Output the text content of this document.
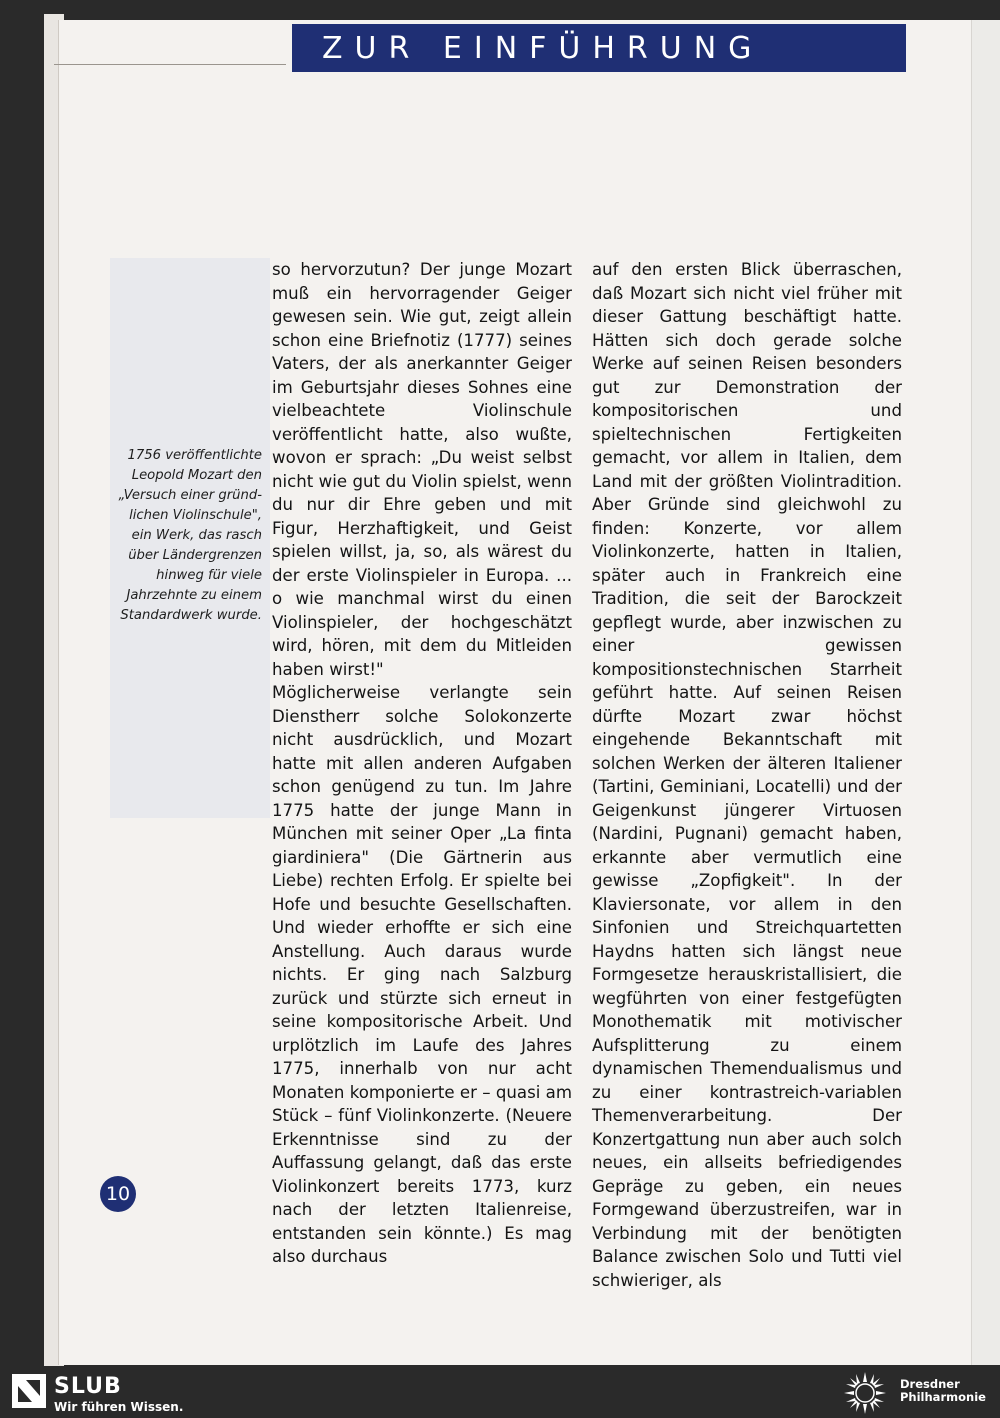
ZUR EINFÜHRUNG
1756 veröffentlichte
Leopold Mozart den
„Versuch einer gründ-
lichen Violinschule",
ein Werk, das rasch
über Ländergrenzen
hinweg für viele
Jahrzehnte zu einem
Standardwerk wurde.

so hervorzutun? Der junge Mozart muß ein hervorragender Geiger gewesen sein. Wie gut, zeigt allein schon eine Briefnotiz (1777) seines Vaters, der als anerkannter Geiger im Geburtsjahr dieses Sohnes eine vielbeachtete Violinschule veröffentlicht hatte, also wußte, wovon er sprach: „Du weist selbst nicht wie gut du Violin spielst, wenn du nur dir Ehre geben und mit Figur, Herzhaftigkeit, und Geist spielen willst, ja, so, als wärest du der erste Violinspieler in Europa. ... o wie manchmal wirst du einen Violinspieler, der hochgeschätzt wird, hören, mit dem du Mitleiden haben wirst!"

Möglicherweise verlangte sein Dienstherr solche Solokonzerte nicht ausdrücklich, und Mozart hatte mit allen anderen Aufgaben schon genügend zu tun. Im Jahre 1775 hatte der junge Mann in München mit seiner Oper „La finta giardiniera" (Die Gärtnerin aus Liebe) rechten Erfolg. Er spielte bei Hofe und besuchte Gesellschaften. Und wieder erhoffte er sich eine Anstellung. Auch daraus wurde nichts. Er ging nach Salzburg zurück und stürzte sich erneut in seine kompositorische Arbeit. Und urplötzlich im Laufe des Jahres 1775, innerhalb von nur acht Monaten komponierte er – quasi am Stück – fünf Violinkonzerte. (Neuere Erkenntnisse sind zu der Auffassung gelangt, daß das erste Violinkonzert bereits 1773, kurz nach der letzten Italienreise, entstanden sein könnte.) Es mag also durchaus

auf den ersten Blick überraschen, daß Mozart sich nicht viel früher mit dieser Gattung beschäftigt hatte. Hätten sich doch gerade solche Werke auf seinen Reisen besonders gut zur Demonstration der kompositorischen und spieltechnischen Fertigkeiten gemacht, vor allem in Italien, dem Land mit der größten Violintradition. Aber Gründe sind gleichwohl zu finden: Konzerte, vor allem Violinkonzerte, hatten in Italien, später auch in Frankreich eine Tradition, die seit der Barockzeit gepflegt wurde, aber inzwischen zu einer gewissen kompositionstechnischen Starrheit geführt hatte. Auf seinen Reisen dürfte Mozart zwar höchst eingehende Bekanntschaft mit solchen Werken der älteren Italiener (Tartini, Geminiani, Locatelli) und der Geigenkunst jüngerer Virtuosen (Nardini, Pugnani) gemacht haben, erkannte aber vermutlich eine gewisse „Zopfigkeit". In der Klaviersonate, vor allem in den Sinfonien und Streichquartetten Haydns hatten sich längst neue Formgesetze herauskristallisiert, die wegführten von einer festgefügten Monothematik mit motivischer Aufsplitterung zu einem dynamischen Themendualismus und zu einer kontrastreich-variablen Themenverarbeitung. Der Konzertgattung nun aber auch solch neues, ein allseits befriedigendes Gepräge zu geben, ein neues Formgewand überzustreifen, war in Verbindung mit der benötigten Balance zwischen Solo und Tutti viel schwieriger, als

10
SLUB
Wir führen Wissen.
Dresdner
Philharmonie
